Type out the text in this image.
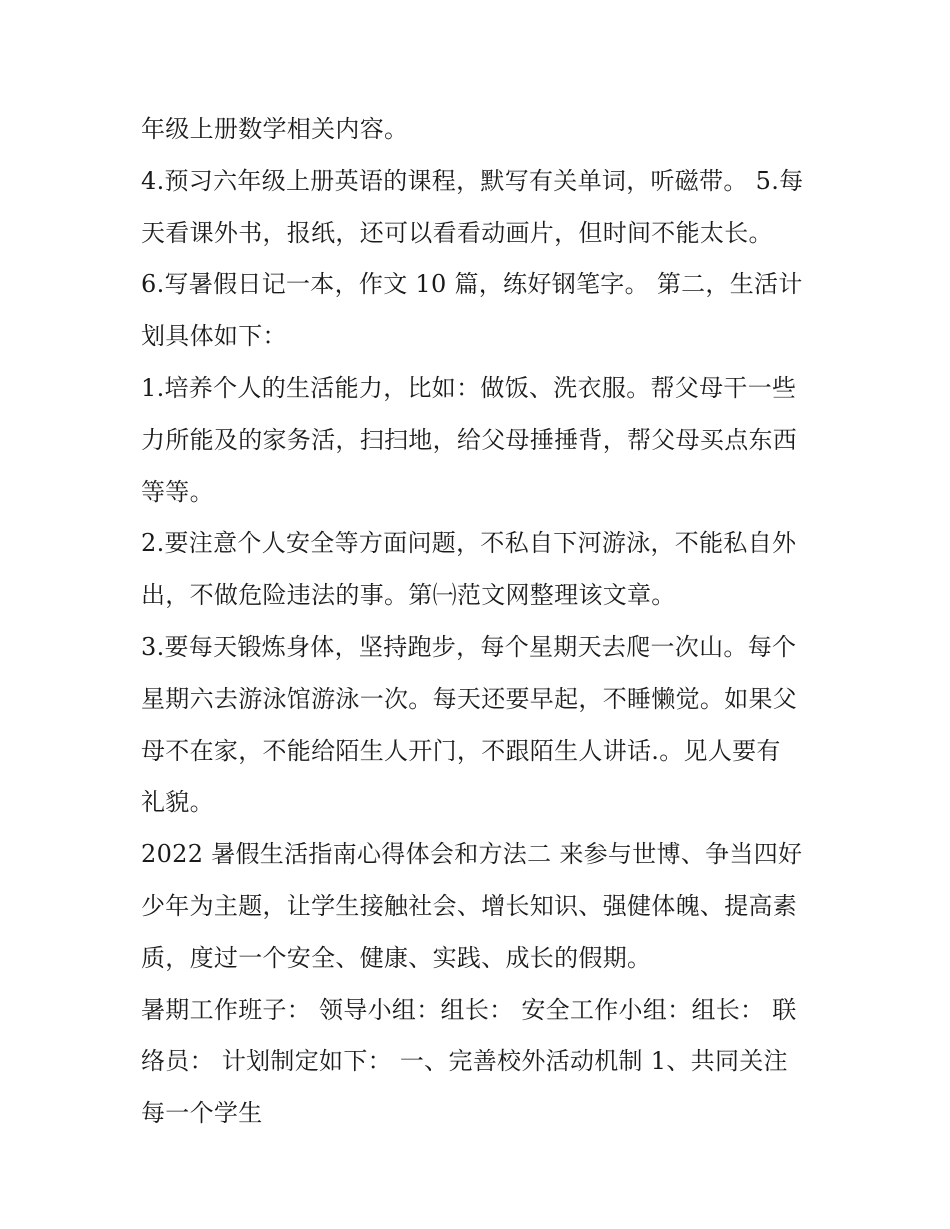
年级上册数学相关内容。
4.预习六年级上册英语的课程，默写有关单词，听磁带。 5.每
天看课外书，报纸，还可以看看动画片，但时间不能太长。
6.写暑假日记一本，作文 10 篇，练好钢笔字。 第二，生活计
划具体如下：
1.培养个人的生活能力，比如：做饭、洗衣服。帮父母干一些
力所能及的家务活，扫扫地，给父母捶捶背，帮父母买点东西
等等。
2.要注意个人安全等方面问题，不私自下河游泳，不能私自外
出，不做危险违法的事。第㈠范文网整理该文章。
3.要每天锻炼身体，坚持跑步，每个星期天去爬一次山。每个
星期六去游泳馆游泳一次。每天还要早起，不睡懒觉。如果父
母不在家，不能给陌生人开门，不跟陌生人讲话.。见人要有
礼貌。
2022 暑假生活指南心得体会和方法二 来参与世博、争当四好
少年为主题，让学生接触社会、增长知识、强健体魄、提高素
质，度过一个安全、健康、实践、成长的假期。
暑期工作班子： 领导小组：组长： 安全工作小组：组长： 联
络员： 计划制定如下： 一、完善校外活动机制 1、共同关注
每一个学生
